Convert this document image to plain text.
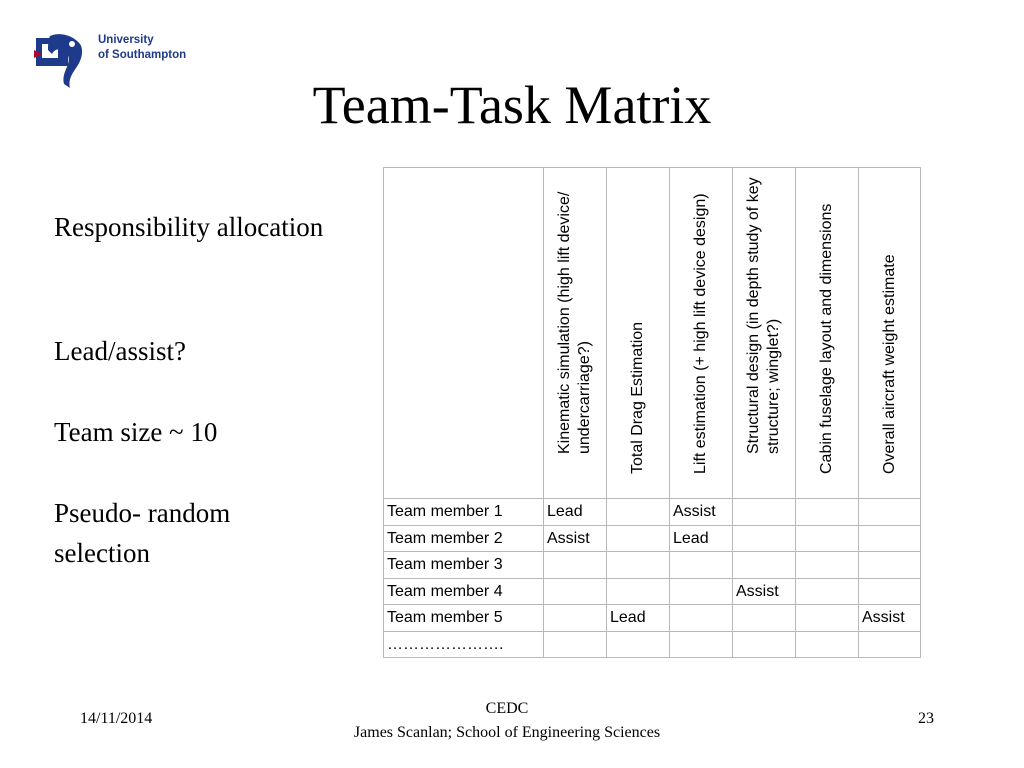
University
of Southampton
Team-Task Matrix
Responsibility allocation
Lead/assist?
Team size ~ 10
Pseudo- random selection

	Kinematic simulation (high lift device/ undercarriage?)	Total Drag Estimation	Lift estimation (+ high lift device design)	Structural design (in depth study of key structure; winglet?)	Cabin fuselage layout and dimensions	Overall aircraft weight estimate

Team member 1	Lead		Assist			
Team member 2	Assist		Lead			
Team member 3						
Team member 4				Assist		
Team member 5		Lead				Assist
………………….						
14/11/2014
CEDC
James Scanlan; School of Engineering Sciences
23
